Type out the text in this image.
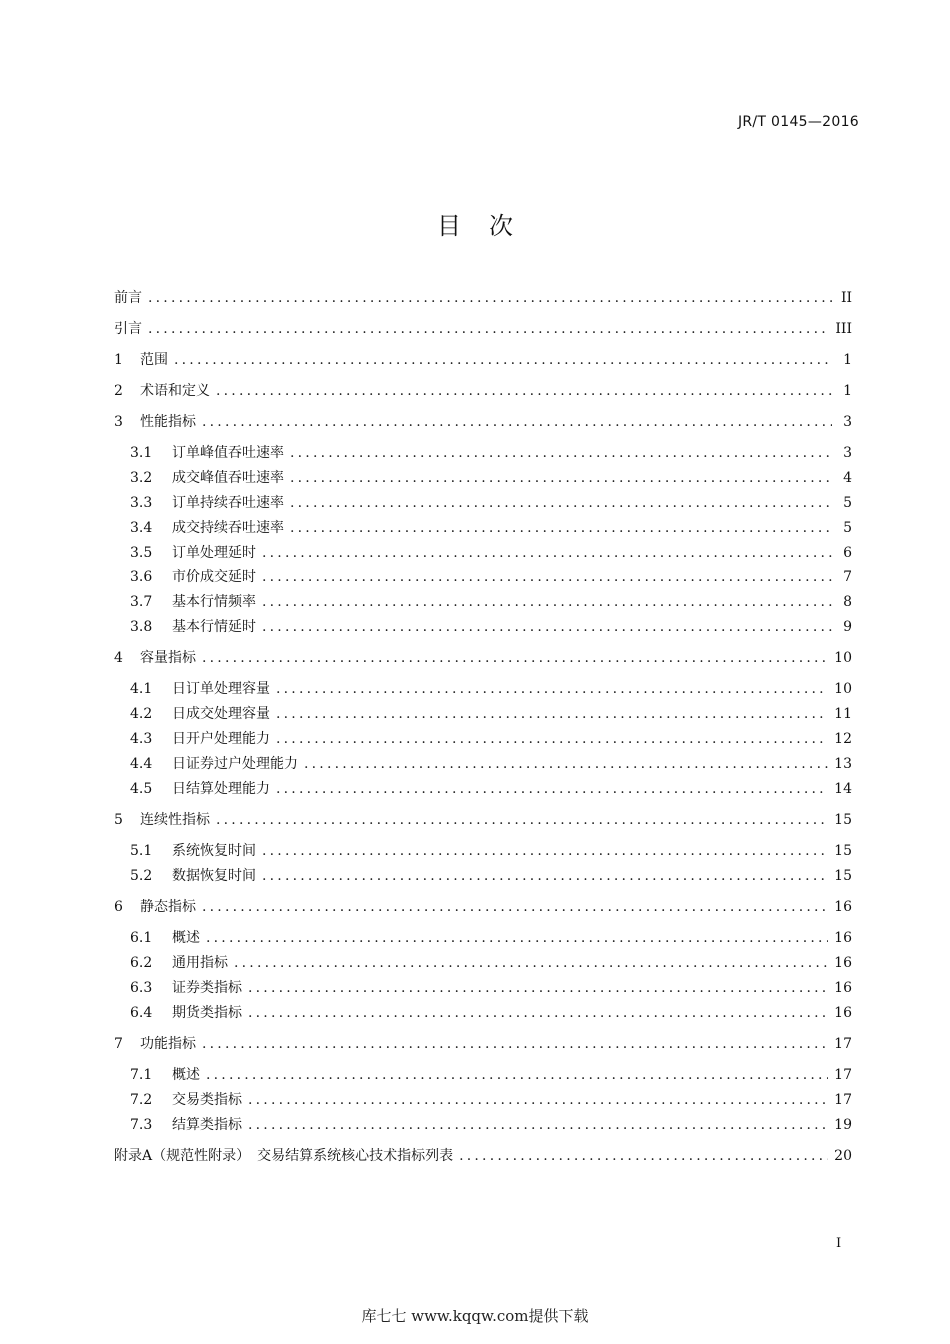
JR/T 0145—2016
目次
前言 .....	II
引言 .....	III
1	范围 .....	1
2	术语和定义 .....	1
3	性能指标 .....	3
3.1	订单峰值吞吐速率 .....	3
3.2	成交峰值吞吐速率 .....	4
3.3	订单持续吞吐速率 .....	5
3.4	成交持续吞吐速率 .....	5
3.5	订单处理延时 .....	6
3.6	市价成交延时 .....	7
3.7	基本行情频率 .....	8
3.8	基本行情延时 .....	9
4	容量指标 .....	10
4.1	日订单处理容量 .....	10
4.2	日成交处理容量 .....	11
4.3	日开户处理能力 .....	12
4.4	日证券过户处理能力 .....	13
4.5	日结算处理能力 .....	14
5	连续性指标 .....	15
5.1	系统恢复时间 .....	15
5.2	数据恢复时间 .....	15
6	静态指标 .....	16
6.1	概述 .....	16
6.2	通用指标 .....	16
6.3	证券类指标 .....	16
6.4	期货类指标 .....	16
7	功能指标 .....	17
7.1	概述 .....	17
7.2	交易类指标 .....	17
7.3	结算类指标 .....	19
附录A（规范性附录）　交易结算系统核心技术指标列表 .....	20
I
库七七 www.kqqw.com提供下载
